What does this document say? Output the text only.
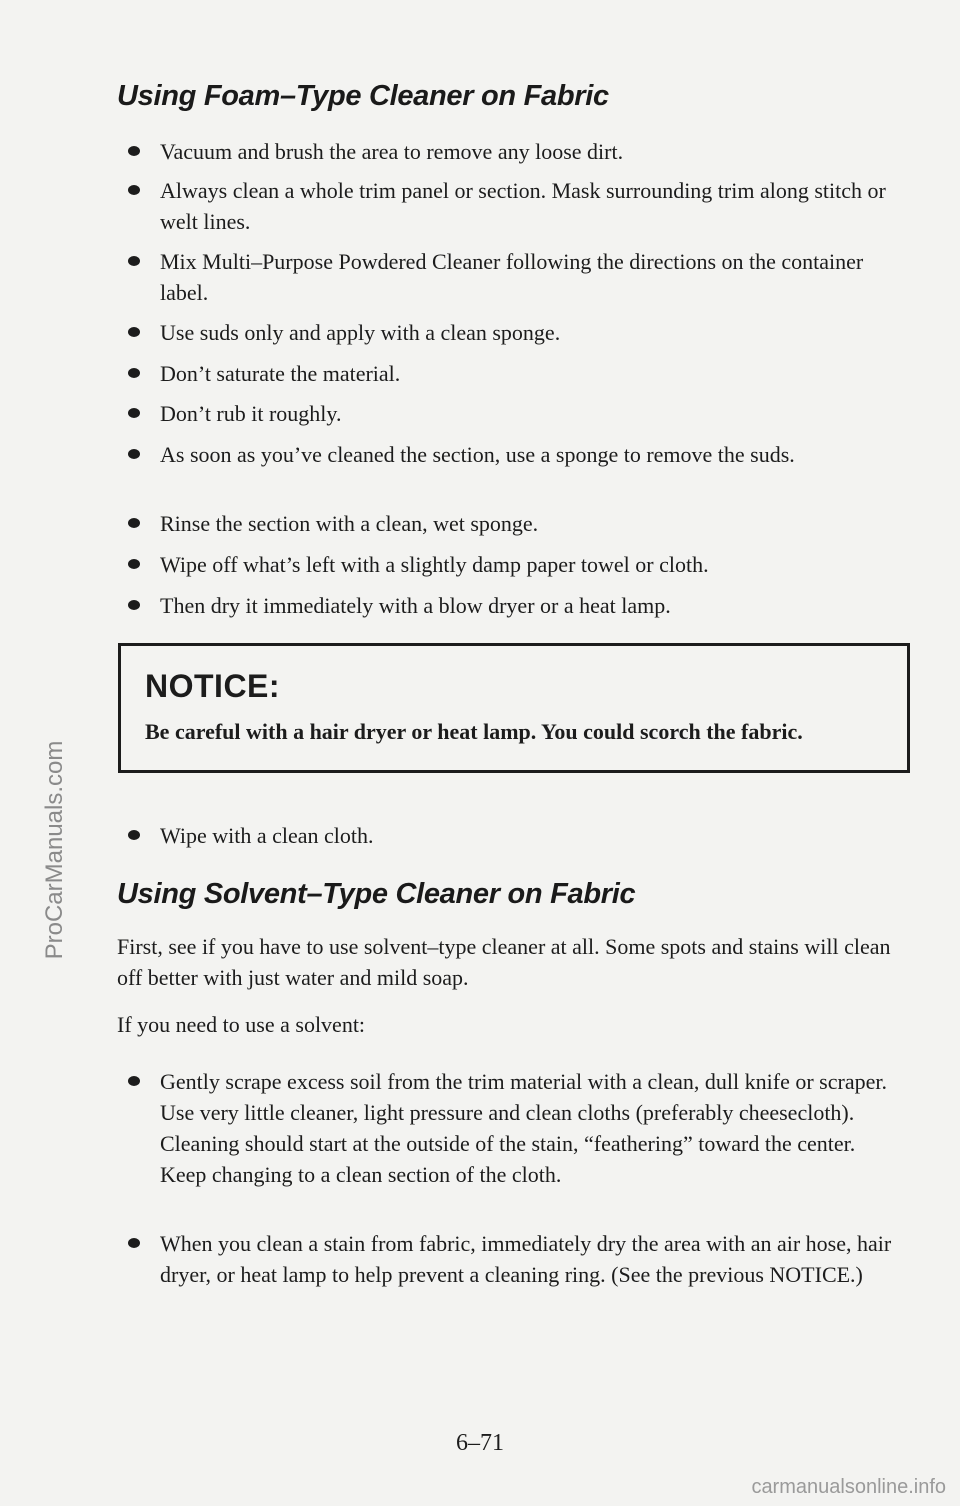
Using Foam–Type Cleaner on Fabric
Vacuum and brush the area to remove any loose dirt.
Always clean a whole trim panel or section. Mask surrounding trim along stitch or welt lines.
Mix Multi–Purpose Powdered Cleaner following the directions on the container label.
Use suds only and apply with a clean sponge.
Don’t saturate the material.
Don’t rub it roughly.
As soon as you’ve cleaned the section, use a sponge to remove the suds.
Rinse the section with a clean, wet sponge.
Wipe off what’s left with a slightly damp paper towel or cloth.
Then dry it immediately with a blow dryer or a heat lamp.
NOTICE:
Be careful with a hair dryer or heat lamp. You could scorch the fabric.
Wipe with a clean cloth.
Using Solvent–Type Cleaner on Fabric
First, see if you have to use solvent–type cleaner at all. Some spots and stains will clean off better with just water and mild soap.
If you need to use a solvent:
Gently scrape excess soil from the trim material with a clean, dull knife or scraper. Use very little cleaner, light pressure and clean cloths (preferably cheesecloth). Cleaning should start at the outside of the stain, “feathering” toward the center. Keep changing to a clean section of the cloth.
When you clean a stain from fabric, immediately dry the area with an air hose, hair dryer, or heat lamp to help prevent a cleaning ring. (See the previous NOTICE.)
6–71
ProCarManuals.com
carmanualsonline.info
